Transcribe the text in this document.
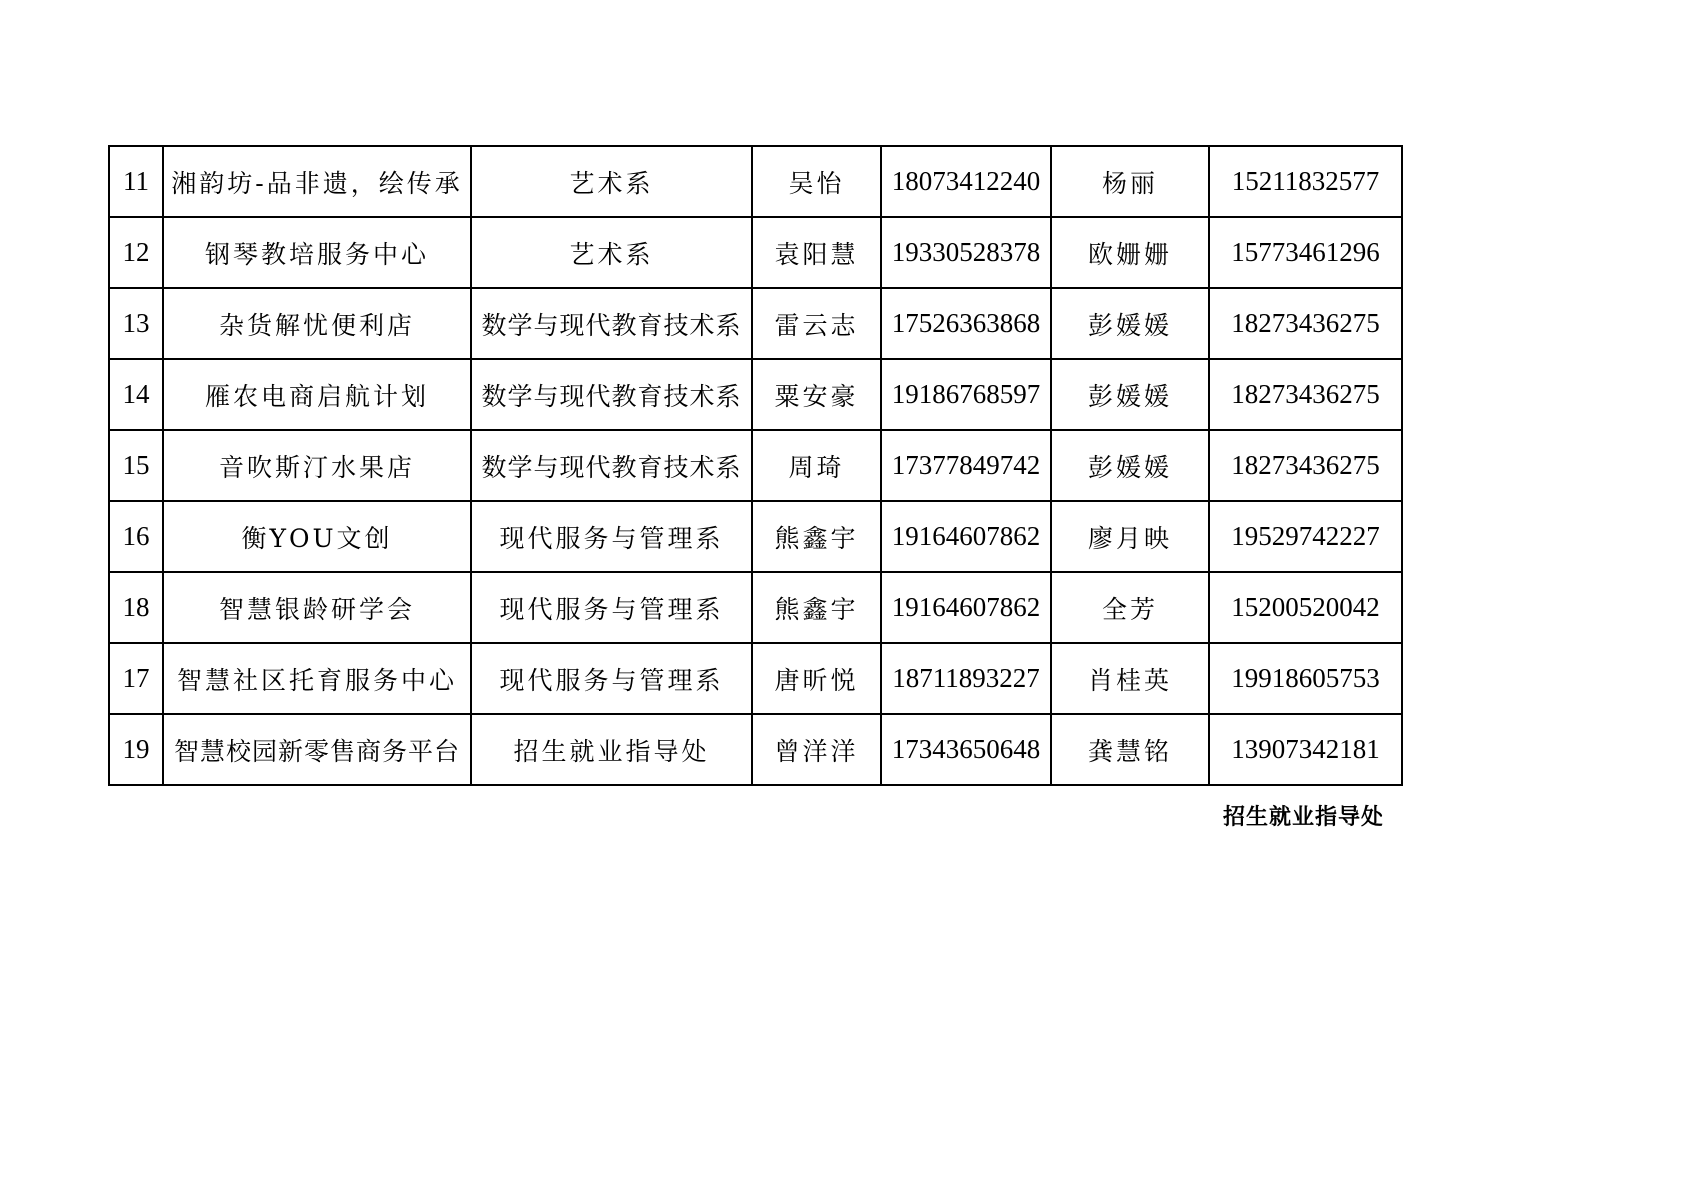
11	湘韵坊-品非遗，绘传承	艺术系	吴怡	18073412240	杨丽	15211832577
12	钢琴教培服务中心	艺术系	袁阳慧	19330528378	欧姗姗	15773461296
13	杂货解忧便利店	数学与现代教育技术系	雷云志	17526363868	彭媛媛	18273436275
14	雁农电商启航计划	数学与现代教育技术系	粟安豪	19186768597	彭媛媛	18273436275
15	音吹斯汀水果店	数学与现代教育技术系	周琦	17377849742	彭媛媛	18273436275
16	衡YOU文创	现代服务与管理系	熊鑫宇	19164607862	廖月映	19529742227
18	智慧银龄研学会	现代服务与管理系	熊鑫宇	19164607862	全芳	15200520042
17	智慧社区托育服务中心	现代服务与管理系	唐昕悦	18711893227	肖桂英	19918605753
19	智慧校园新零售商务平台	招生就业指导处	曾洋洋	17343650648	龚慧铭	13907342181
招生就业指导处
